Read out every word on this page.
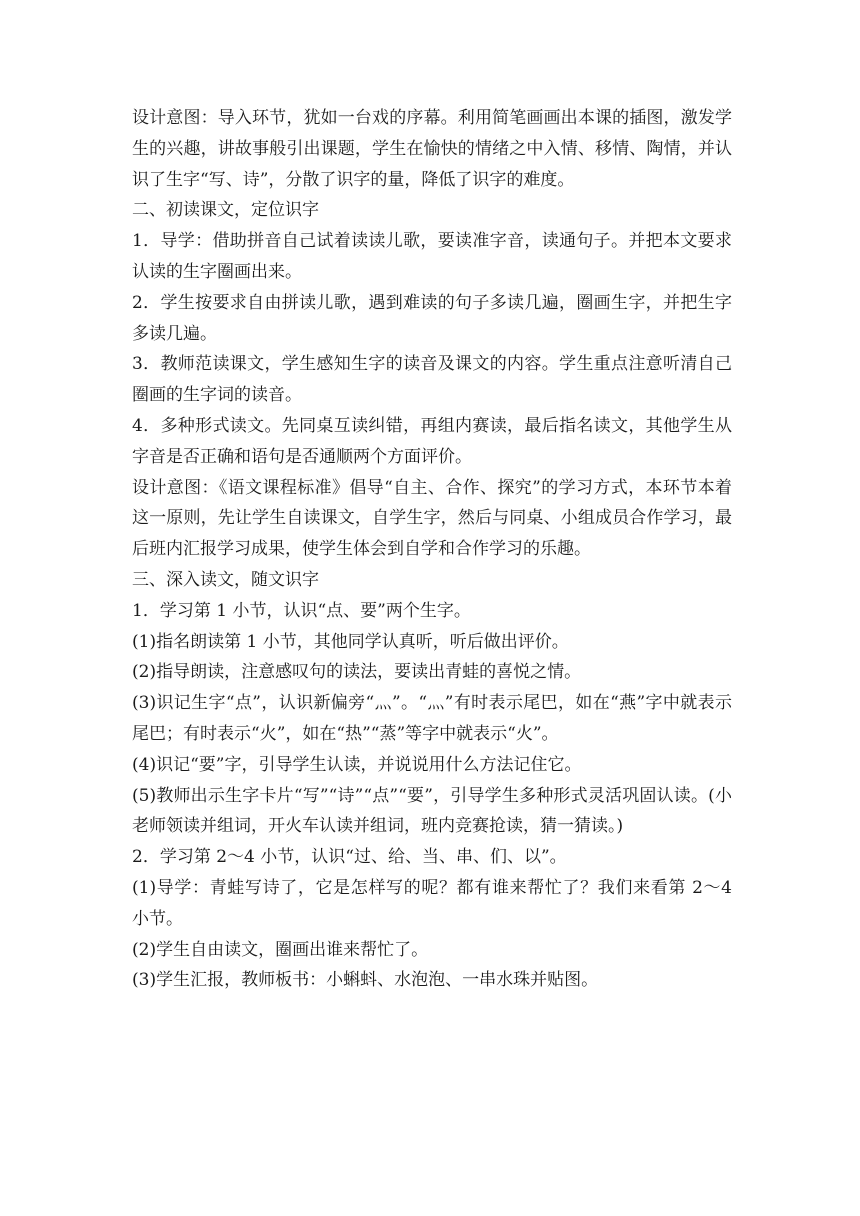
设计意图：导入环节，犹如一台戏的序幕。利用简笔画画出本课的插图，激发学生的兴趣，讲故事般引出课题，学生在愉快的情绪之中入情、移情、陶情，并认识了生字“写、诗”，分散了识字的量，降低了识字的难度。

二、初读课文，定位识字

1．导学：借助拼音自己试着读读儿歌，要读准字音，读通句子。并把本文要求认读的生字圈画出来。

2．学生按要求自由拼读儿歌，遇到难读的句子多读几遍，圈画生字，并把生字多读几遍。

3．教师范读课文，学生感知生字的读音及课文的内容。学生重点注意听清自己圈画的生字词的读音。

4．多种形式读文。先同桌互读纠错，再组内赛读，最后指名读文，其他学生从字音是否正确和语句是否通顺两个方面评价。

设计意图：《语文课程标准》倡导“自主、合作、探究”的学习方式，本环节本着这一原则，先让学生自读课文，自学生字，然后与同桌、小组成员合作学习，最后班内汇报学习成果，使学生体会到自学和合作学习的乐趣。

三、深入读文，随文识字

1．学习第 1 小节，认识“点、要”两个生字。

(1)指名朗读第 1 小节，其他同学认真听，听后做出评价。

(2)指导朗读，注意感叹句的读法，要读出青蛙的喜悦之情。

(3)识记生字“点”，认识新偏旁“灬”。“灬”有时表示尾巴，如在“燕”字中就表示尾巴；有时表示“火”，如在“热”“蒸”等字中就表示“火”。

(4)识记“要”字，引导学生认读，并说说用什么方法记住它。

(5)教师出示生字卡片“写”“诗”“点”“要”，引导学生多种形式灵活巩固认读。(小老师领读并组词，开火车认读并组词，班内竞赛抢读，猜一猜读。)

2．学习第 2～4 小节，认识“过、给、当、串、们、以”。

(1)导学：青蛙写诗了，它是怎样写的呢？都有谁来帮忙了？我们来看第 2～4 小节。

(2)学生自由读文，圈画出谁来帮忙了。

(3)学生汇报，教师板书：小蝌蚪、水泡泡、一串水珠并贴图。
